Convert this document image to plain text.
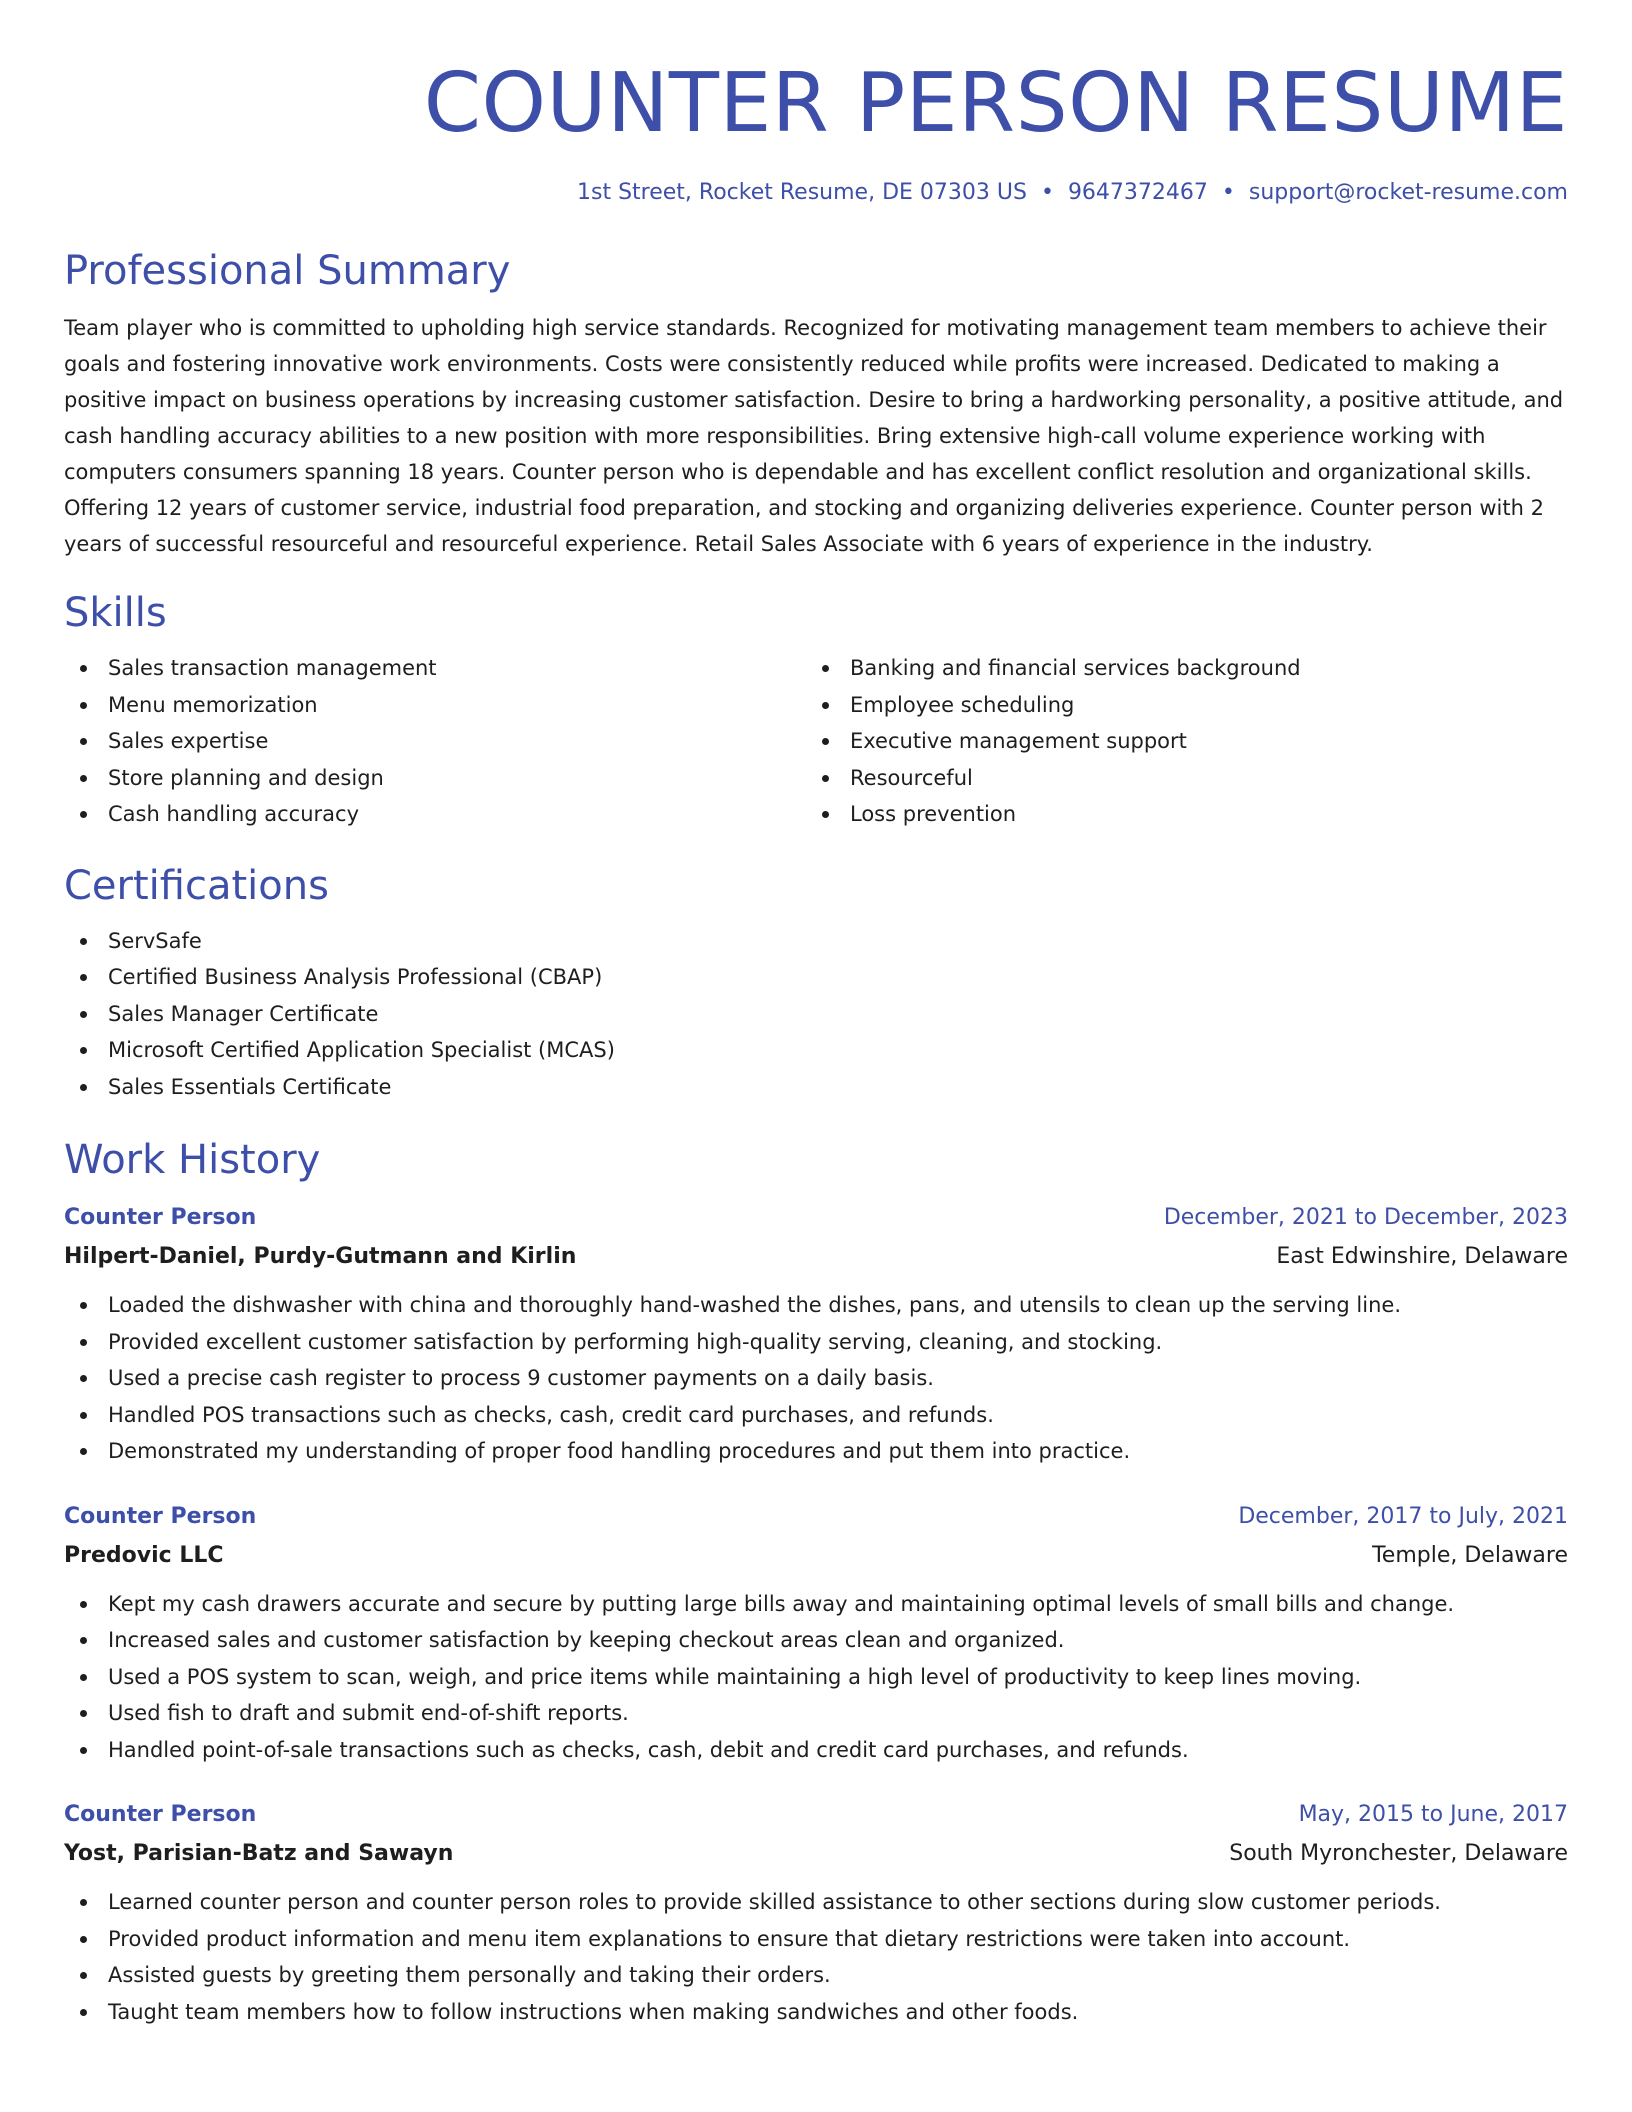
COUNTER PERSON RESUME
1st Street, Rocket Resume, DE 07303 US • 9647372467 • support@rocket-resume.com
Professional Summary

Team player who is committed to upholding high service standards. Recognized for motivating management team members to achieve their goals and fostering innovative work environments. Costs were consistently reduced while profits were increased. Dedicated to making a positive impact on business operations by increasing customer satisfaction. Desire to bring a hardworking personality, a positive attitude, and cash handling accuracy abilities to a new position with more responsibilities. Bring extensive high-call volume experience working with computers consumers spanning 18 years. Counter person who is dependable and has excellent conflict resolution and organizational skills. Offering 12 years of customer service, industrial food preparation, and stocking and organizing deliveries experience. Counter person with 2 years of successful resourceful and resourceful experience. Retail Sales Associate with 6 years of experience in the industry.

Skills
Sales transaction management
Menu memorization
Sales expertise
Store planning and design
Cash handling accuracy
Banking and financial services background
Employee scheduling
Executive management support
Resourceful
Loss prevention
Certifications
ServSafe
Certified Business Analysis Professional (CBAP)
Sales Manager Certificate
Microsoft Certified Application Specialist (MCAS)
Sales Essentials Certificate
Work History
Counter Person	December, 2021 to December, 2023
Hilpert-Daniel, Purdy-Gutmann and Kirlin	East Edwinshire, Delaware
Loaded the dishwasher with china and thoroughly hand-washed the dishes, pans, and utensils to clean up the serving line.
Provided excellent customer satisfaction by performing high-quality serving, cleaning, and stocking.
Used a precise cash register to process 9 customer payments on a daily basis.
Handled POS transactions such as checks, cash, credit card purchases, and refunds.
Demonstrated my understanding of proper food handling procedures and put them into practice.
Counter Person	December, 2017 to July, 2021
Predovic LLC	Temple, Delaware
Kept my cash drawers accurate and secure by putting large bills away and maintaining optimal levels of small bills and change.
Increased sales and customer satisfaction by keeping checkout areas clean and organized.
Used a POS system to scan, weigh, and price items while maintaining a high level of productivity to keep lines moving.
Used fish to draft and submit end-of-shift reports.
Handled point-of-sale transactions such as checks, cash, debit and credit card purchases, and refunds.
Counter Person	May, 2015 to June, 2017
Yost, Parisian-Batz and Sawayn	South Myronchester, Delaware
Learned counter person and counter person roles to provide skilled assistance to other sections during slow customer periods.
Provided product information and menu item explanations to ensure that dietary restrictions were taken into account.
Assisted guests by greeting them personally and taking their orders.
Taught team members how to follow instructions when making sandwiches and other foods.
